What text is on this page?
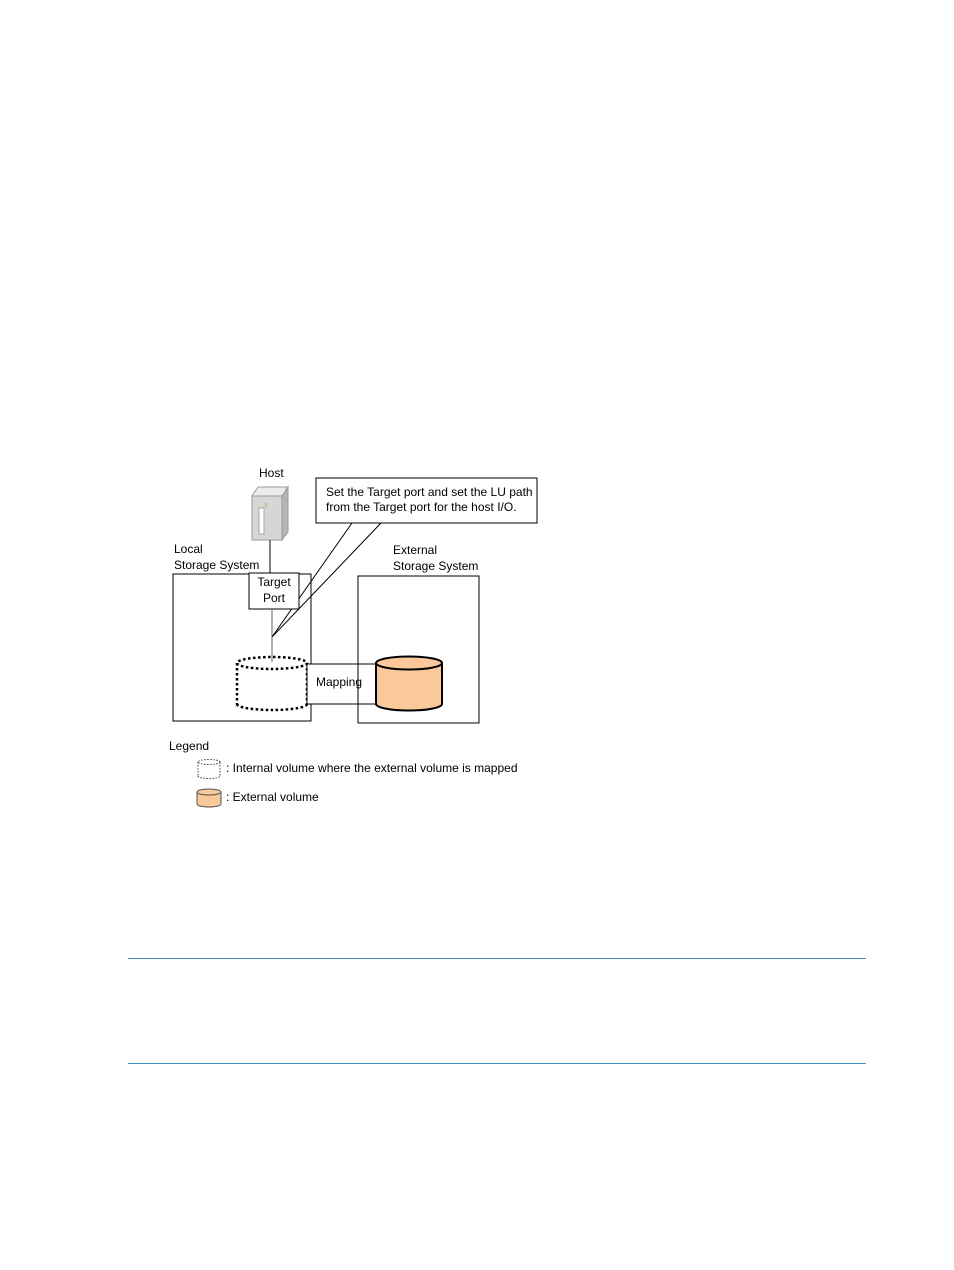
Host
Set the Target port and set the LU path
from the Target port for the host I/O.
Local
Storage System
Target
Port
Mapping
External
Storage System
Legend
: Internal volume where the external volume is mapped
: External volume
